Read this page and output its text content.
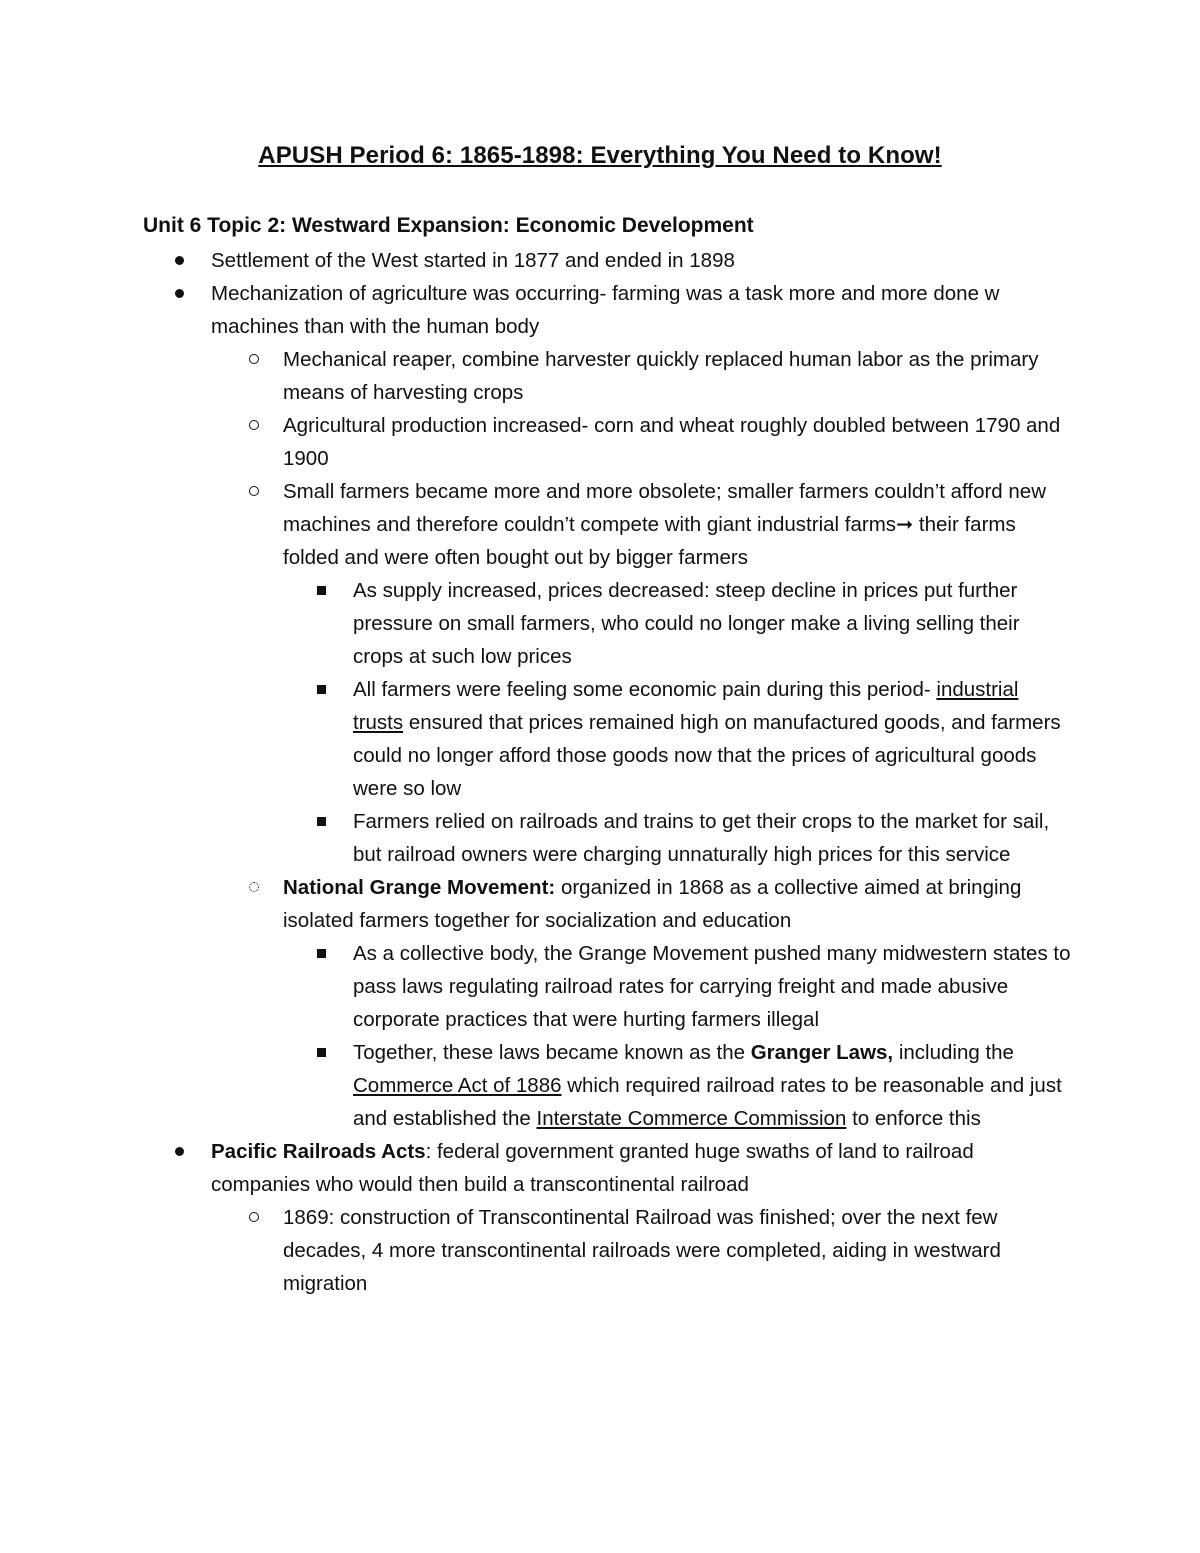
APUSH Period 6: 1865-1898: Everything You Need to Know!
Unit 6 Topic 2: Westward Expansion: Economic Development
Settlement of the West started in 1877 and ended in 1898
Mechanization of agriculture was occurring- farming was a task more and more done w machines than with the human body
Mechanical reaper, combine harvester quickly replaced human labor as the primary means of harvesting crops
Agricultural production increased- corn and wheat roughly doubled between 1790 and 1900
Small farmers became more and more obsolete; smaller farmers couldn’t afford new machines and therefore couldn’t compete with giant industrial farms➞ their farms folded and were often bought out by bigger farmers
As supply increased, prices decreased: steep decline in prices put further pressure on small farmers, who could no longer make a living selling their crops at such low prices
All farmers were feeling some economic pain during this period- industrial trusts ensured that prices remained high on manufactured goods, and farmers could no longer afford those goods now that the prices of agricultural goods were so low
Farmers relied on railroads and trains to get their crops to the market for sail, but railroad owners were charging unnaturally high prices for this service
National Grange Movement: organized in 1868 as a collective aimed at bringing isolated farmers together for socialization and education
As a collective body, the Grange Movement pushed many midwestern states to pass laws regulating railroad rates for carrying freight and made abusive corporate practices that were hurting farmers illegal
Together, these laws became known as the Granger Laws, including the Commerce Act of 1886 which required railroad rates to be reasonable and just and established the Interstate Commerce Commission to enforce this
Pacific Railroads Acts: federal government granted huge swaths of land to railroad companies who would then build a transcontinental railroad
1869: construction of Transcontinental Railroad was finished; over the next few decades, 4 more transcontinental railroads were completed, aiding in westward migration
